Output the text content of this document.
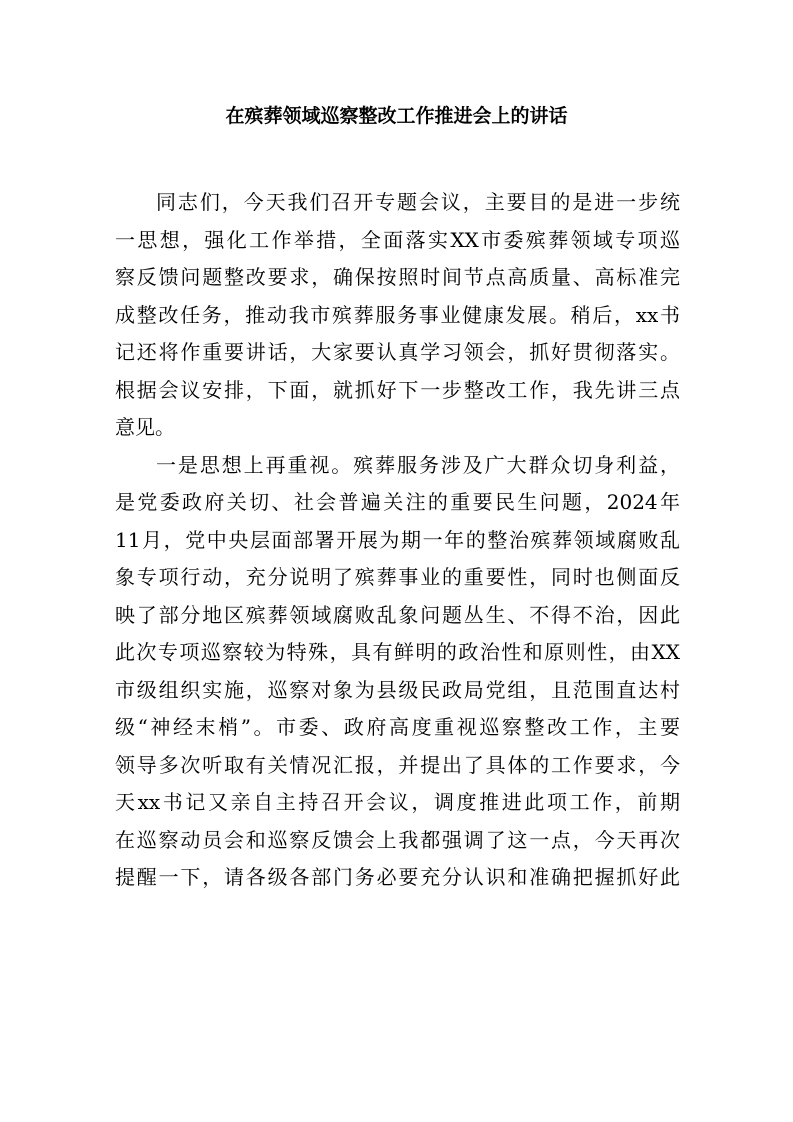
在殡葬领域巡察整改工作推进会上的讲话
同志们，今天我们召开专题会议，主要目的是进一步统
一思想，强化工作举措，全面落实XX市委殡葬领域专项巡
察反馈问题整改要求，确保按照时间节点高质量、高标准完
成整改任务，推动我市殡葬服务事业健康发展。稍后，xx书
记还将作重要讲话，大家要认真学习领会，抓好贯彻落实。
根据会议安排，下面，就抓好下一步整改工作，我先讲三点
意见。
一是思想上再重视。殡葬服务涉及广大群众切身利益，
是党委政府关切、社会普遍关注的重要民生问题，2024年
11月，党中央层面部署开展为期一年的整治殡葬领域腐败乱
象专项行动，充分说明了殡葬事业的重要性，同时也侧面反
映了部分地区殡葬领域腐败乱象问题丛生、不得不治，因此
此次专项巡察较为特殊，具有鲜明的政治性和原则性，由XX
市级组织实施，巡察对象为县级民政局党组，且范围直达村
级“神经末梢”。市委、政府高度重视巡察整改工作，主要
领导多次听取有关情况汇报，并提出了具体的工作要求，今
天xx书记又亲自主持召开会议，调度推进此项工作，前期
在巡察动员会和巡察反馈会上我都强调了这一点，今天再次
提醒一下，请各级各部门务必要充分认识和准确把握抓好此
